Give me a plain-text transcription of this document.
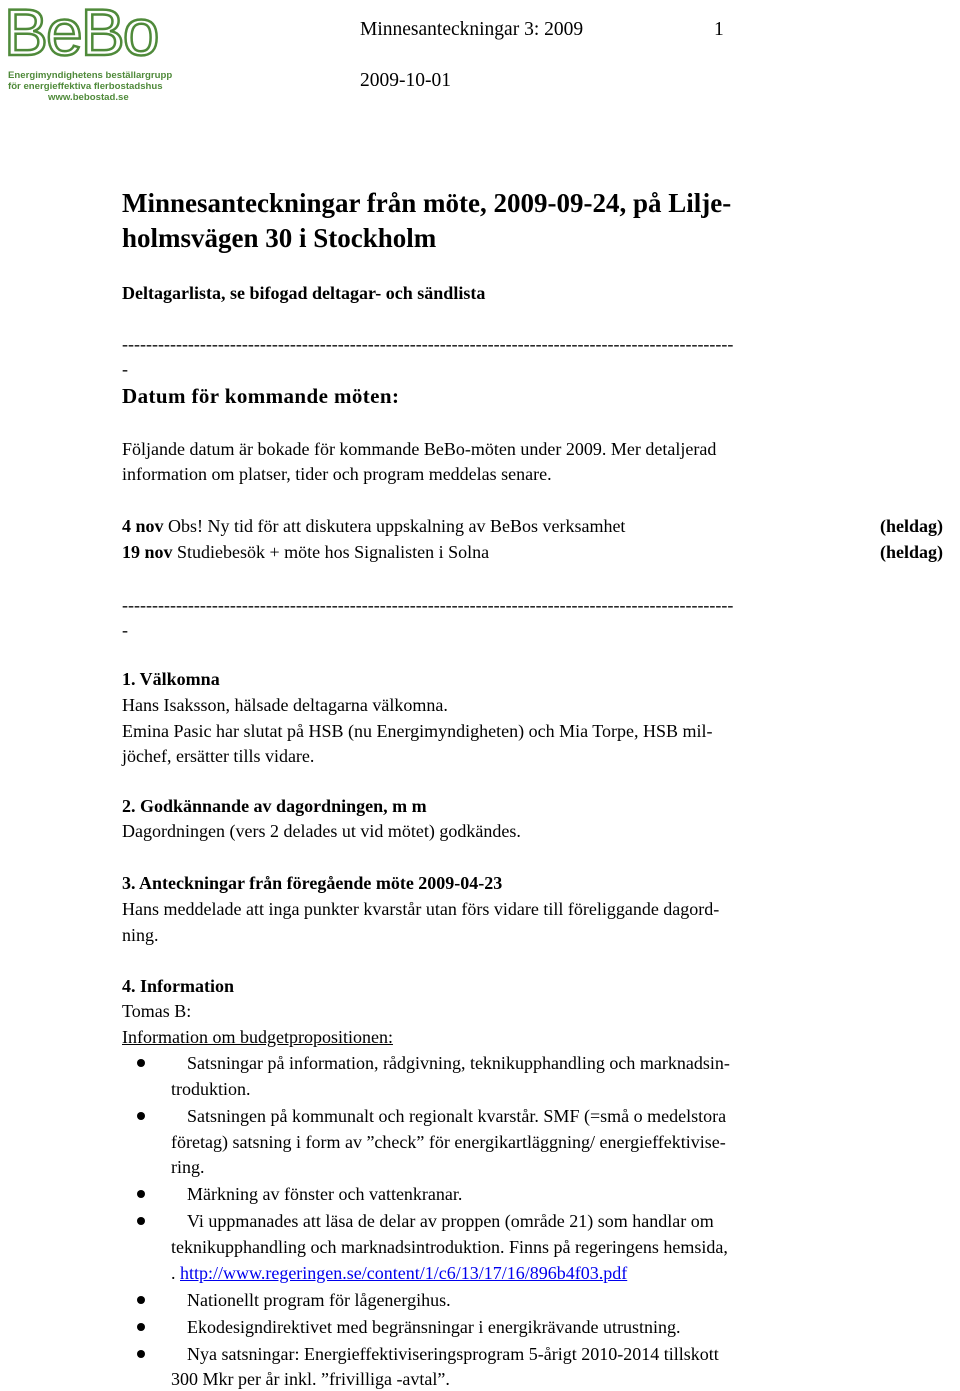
BeBo
Energimyndighetens beställargrupp
för energieffektiva flerbostadshus
www.bebostad.se
Minnesanteckningar 3: 2009	1
2009-10-01
Minnesanteckningar från möte, 2009-09-24, på Lilje-
holmsvägen 30 i Stockholm
Deltagarlista, se bifogad deltagar- och sändlista
------------------------------------------------------------------------------------------------------
-
Datum för kommande möten:
Följande datum är bokade för kommande BeBo-möten under 2009. Mer detaljerad
information om platser, tider och program meddelas senare.
4 nov Obs! Ny tid för att diskutera uppskalning av BeBos verksamhet	(heldag)
19 nov Studiebesök + möte hos Signalisten i Solna	(heldag)
------------------------------------------------------------------------------------------------------
-
1. Välkomna
Hans Isaksson, hälsade deltagarna välkomna.
Emina Pasic har slutat på HSB (nu Energimyndigheten) och Mia Torpe, HSB mil-
jöchef, ersätter tills vidare.
2. Godkännande av dagordningen, m m
Dagordningen (vers 2 delades ut vid mötet) godkändes.
3. Anteckningar från föregående möte 2009-04-23
Hans meddelade att inga punkter kvarstår utan förs vidare till föreliggande dagord-
ning.
4. Information
Tomas B:
Information om budgetpropositionen:
Satsningar på information, rådgivning, teknikupphandling och marknadsin-
troduktion.
Satsningen på kommunalt och regionalt kvarstår. SMF (=små o medelstora
företag) satsning i form av ”check” för energikartläggning/ energieffektivise-
ring.
Märkning av fönster och vattenkranar.
Vi uppmanades att läsa de delar av proppen (område 21) som handlar om
teknikupphandling och marknadsintroduktion. Finns på regeringens hemsida,
. http://www.regeringen.se/content/1/c6/13/17/16/896b4f03.pdf
Nationellt program för lågenergihus.
Ekodesigndirektivet med begränsningar i energikrävande utrustning.
Nya satsningar: Energieffektiviseringsprogram 5-årigt 2010-2014 tillskott
300 Mkr per år inkl. ”frivilliga -avtal”.
